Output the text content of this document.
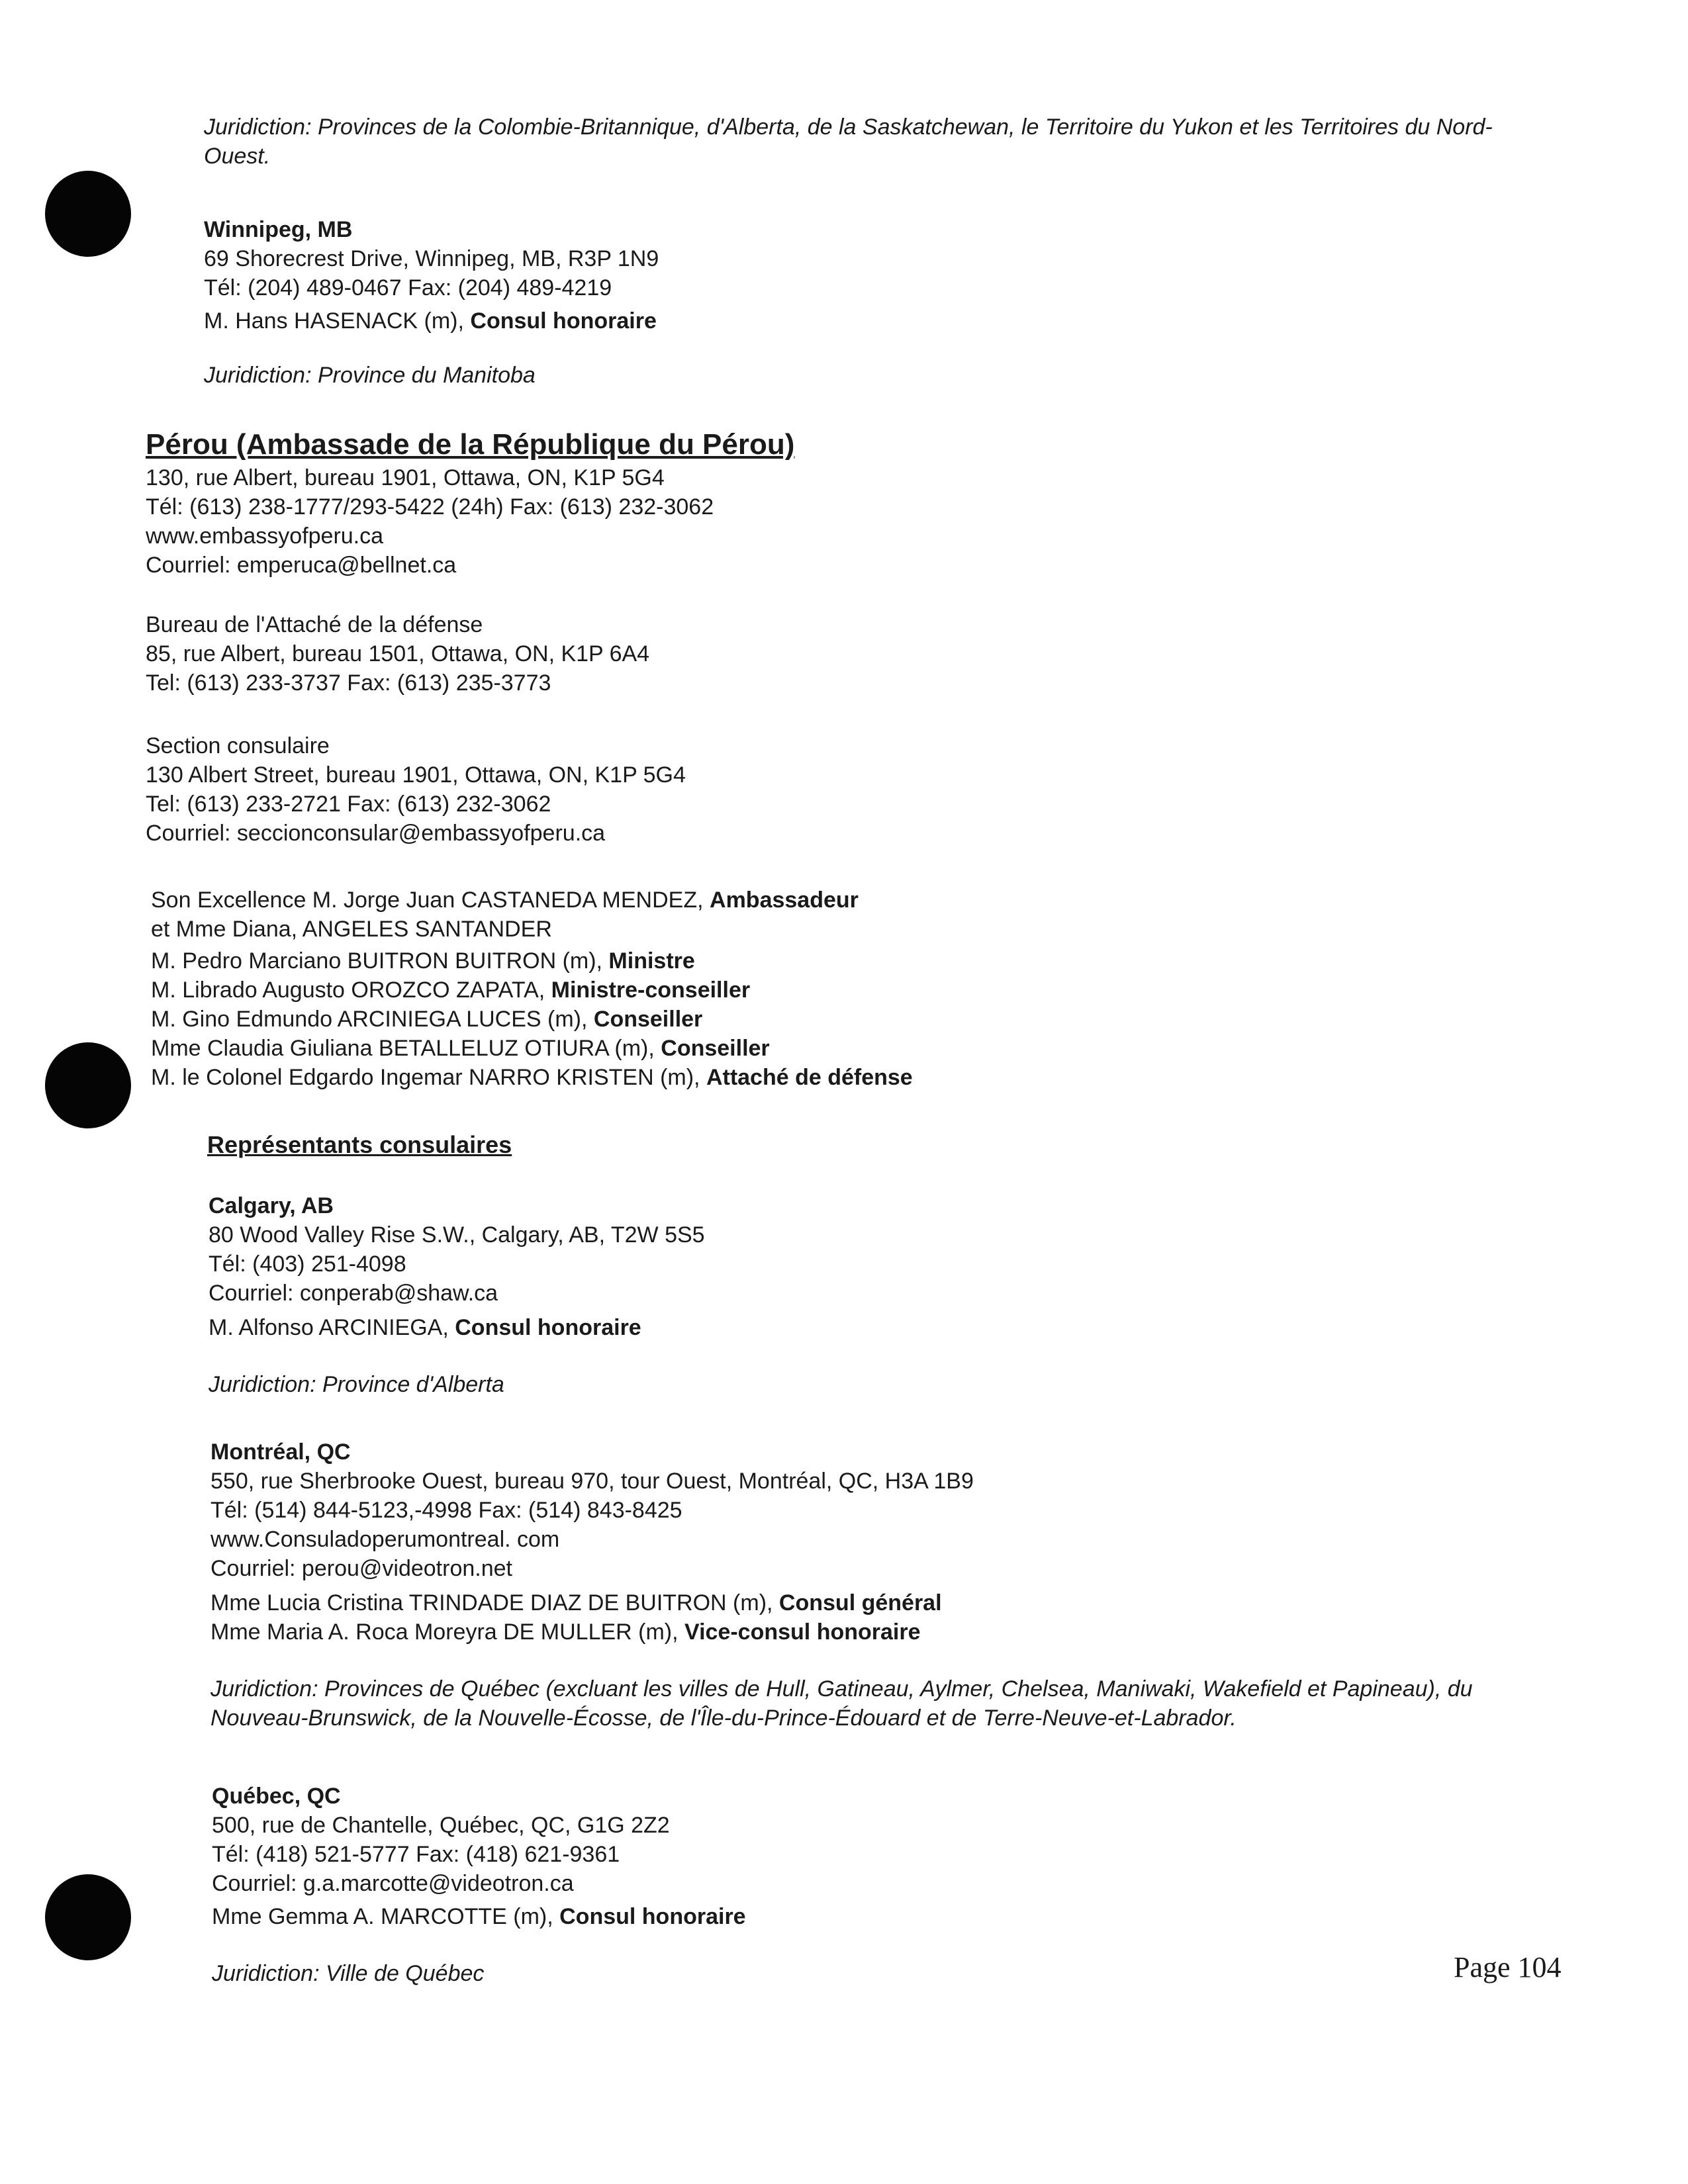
Juridiction: Provinces de la Colombie-Britannique, d'Alberta, de la Saskatchewan, le Territoire du Yukon et les Territoires du Nord-Ouest.
Winnipeg, MB
69 Shorecrest Drive, Winnipeg, MB, R3P 1N9
Tél: (204) 489-0467 Fax: (204) 489-4219
M. Hans HASENACK (m), Consul honoraire
Juridiction: Province du Manitoba
Pérou (Ambassade de la République du Pérou)
130, rue Albert, bureau 1901, Ottawa, ON, K1P 5G4
Tél: (613) 238-1777/293-5422 (24h) Fax: (613) 232-3062
www.embassyofperu.ca
Courriel: emperuca@bellnet.ca
Bureau de l'Attaché de la défense
85, rue Albert, bureau 1501, Ottawa, ON, K1P 6A4
Tel: (613) 233-3737 Fax: (613) 235-3773
Section consulaire
130 Albert Street, bureau 1901, Ottawa, ON, K1P 5G4
Tel: (613) 233-2721 Fax: (613) 232-3062
Courriel: seccionconsular@embassyofperu.ca
Son Excellence M. Jorge Juan CASTANEDA MENDEZ, Ambassadeur
et Mme Diana, ANGELES SANTANDER
M. Pedro Marciano BUITRON BUITRON (m), Ministre
M. Librado Augusto OROZCO ZAPATA, Ministre-conseiller
M. Gino Edmundo ARCINIEGA LUCES (m), Conseiller
Mme Claudia Giuliana BETALLELUZ OTIURA (m), Conseiller
M. le Colonel Edgardo Ingemar NARRO KRISTEN (m), Attaché de défense
Représentants consulaires
Calgary, AB
80 Wood Valley Rise S.W., Calgary, AB, T2W 5S5
Tél: (403) 251-4098
Courriel: conperab@shaw.ca
M. Alfonso ARCINIEGA, Consul honoraire
Juridiction: Province d'Alberta
Montréal, QC
550, rue Sherbrooke Ouest, bureau 970, tour Ouest, Montréal, QC, H3A 1B9
Tél: (514) 844-5123,-4998 Fax: (514) 843-8425
www.Consuladoperumontreal. com
Courriel: perou@videotron.net
Mme Lucia Cristina TRINDADE DIAZ DE BUITRON (m), Consul général
Mme Maria A. Roca Moreyra DE MULLER (m), Vice-consul honoraire
Juridiction: Provinces de Québec (excluant les villes de Hull, Gatineau, Aylmer, Chelsea, Maniwaki, Wakefield et Papineau), du Nouveau-Brunswick, de la Nouvelle-Écosse, de l'Île-du-Prince-Édouard et de Terre-Neuve-et-Labrador.
Québec, QC
500, rue de Chantelle, Québec, QC, G1G 2Z2
Tél: (418) 521-5777 Fax: (418) 621-9361
Courriel: g.a.marcotte@videotron.ca
Mme Gemma A. MARCOTTE (m), Consul honoraire
Juridiction: Ville de Québec	Page 104
